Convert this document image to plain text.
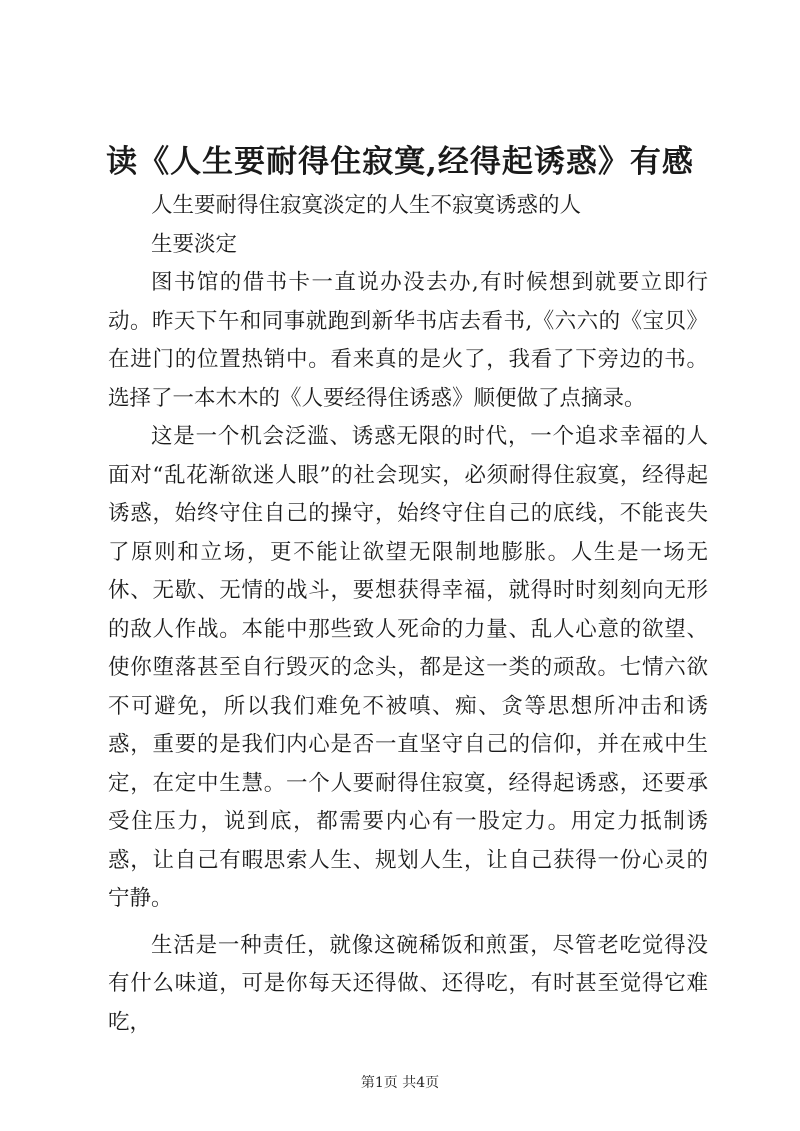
读《人生要耐得住寂寞,经得起诱惑》有感

人生要耐得住寂寞淡定的人生不寂寞诱惑的人

生要淡定

图书馆的借书卡一直说办没去办,有时候想到就要立即行动。昨天下午和同事就跑到新华书店去看书,《六六的《宝贝》在进门的位置热销中。看来真的是火了，我看了下旁边的书。选择了一本木木的《人要经得住诱惑》顺便做了点摘录。

这是一个机会泛滥、诱惑无限的时代，一个追求幸福的人面对“乱花渐欲迷人眼”的社会现实，必须耐得住寂寞，经得起诱惑，始终守住自己的操守，始终守住自己的底线，不能丧失了原则和立场，更不能让欲望无限制地膨胀。人生是一场无休、无歇、无情的战斗，要想获得幸福，就得时时刻刻向无形的敌人作战。本能中那些致人死命的力量、乱人心意的欲望、使你堕落甚至自行毁灭的念头，都是这一类的顽敌。七情六欲不可避免，所以我们难免不被嗔、痴、贪等思想所冲击和诱惑，重要的是我们内心是否一直坚守自己的信仰，并在戒中生定，在定中生慧。一个人要耐得住寂寞，经得起诱惑，还要承受住压力，说到底，都需要内心有一股定力。用定力抵制诱惑，让自己有暇思索人生、规划人生，让自己获得一份心灵的宁静。

生活是一种责任，就像这碗稀饭和煎蛋，尽管老吃觉得没有什么味道，可是你每天还得做、还得吃，有时甚至觉得它难吃，

第1页 共4页
